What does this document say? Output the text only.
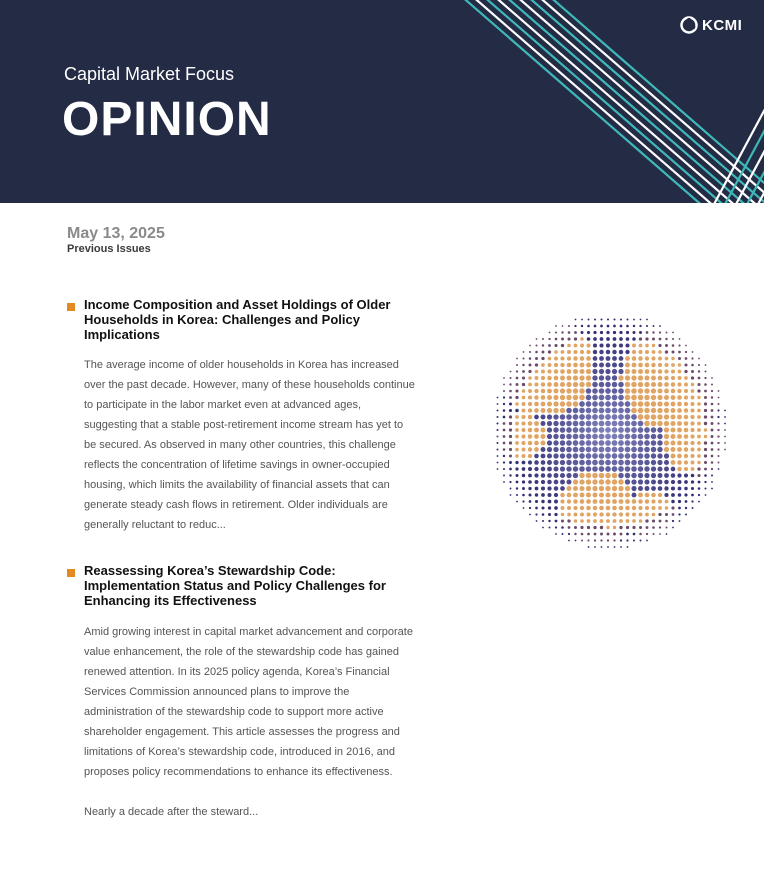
Capital Market Focus
OPINION
KCMI
May 13, 2025
Previous Issues
Income Composition and Asset Holdings of Older
Households in Korea: Challenges and Policy
Implications
The average income of older households in Korea has increased
over the past decade. However, many of these households continue
to participate in the labor market even at advanced ages,
suggesting that a stable post-retirement income stream has yet to
be secured. As observed in many other countries, this challenge
reflects the concentration of lifetime savings in owner-occupied
housing, which limits the availability of financial assets that can
generate steady cash flows in retirement. Older individuals are
generally reluctant to reduc...
Reassessing Korea’s Stewardship Code:
Implementation Status and Policy Challenges for
Enhancing its Effectiveness
Amid growing interest in capital market advancement and corporate
value enhancement, the role of the stewardship code has gained
renewed attention. In its 2025 policy agenda, Korea’s Financial
Services Commission announced plans to improve the
administration of the stewardship code to support more active
shareholder engagement. This article assesses the progress and
limitations of Korea’s stewardship code, introduced in 2016, and
proposes policy recommendations to enhance its effectiveness.
Nearly a decade after the steward...
